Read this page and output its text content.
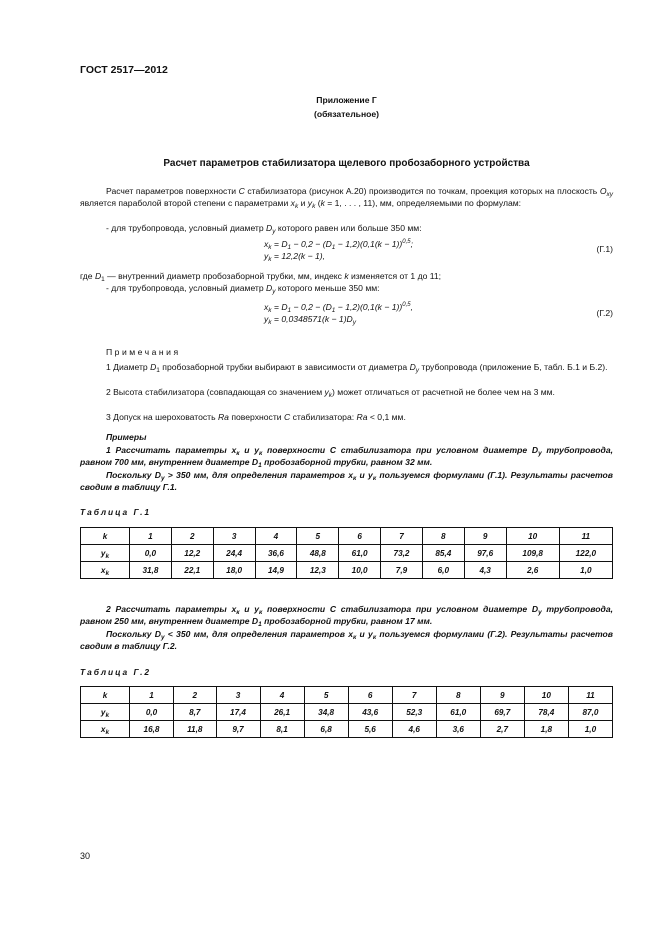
ГОСТ 2517—2012
Приложение Г
(обязательное)
Расчет параметров стабилизатора щелевого пробозаборного устройства
Расчет параметров поверхности C стабилизатора (рисунок А.20) производится по точкам, проекция которых на плоскость $O_{xy}$ является параболой второй степени с параметрами $x_k$ и $y_k$ (k = 1, . . . , 11), мм, определяемыми по формулам:
- для трубопровода, условный диаметр $D_y$ которого равен или больше 350 мм:
$x_k = D_1 - 0,2 - (D_1 - 1,2)(0,1(k - 1))^{0,5}$;
$y_k = 12,2(k - 1)$,
(Г.1)
где $D_1$ — внутренний диаметр пробозаборной трубки, мм, индекс k изменяется от 1 до 11;
- для трубопровода, условный диаметр $D_y$ которого меньше 350 мм:
$x_k = D_1 - 0,2 - (D_1 - 1,2)(0,1(k - 1))^{0,5}$,
$y_k = 0,0348571(k - 1)D_y$
(Г.2)
Примечания
1 Диаметр $D_1$ пробозаборной трубки выбирают в зависимости от диаметра $D_y$ трубопровода (приложение Б, табл. Б.1 и Б.2).
2 Высота стабилизатора (совпадающая со значением $y_k$) может отличаться от расчетной не более чем на 3 мм.
3 Допуск на шероховатость Ra поверхности C стабилизатора: Ra < 0,1 мм.
Примеры
1 Рассчитать параметры $x_к$ и $y_к$ поверхности C стабилизатора при условном диаметре $D_y$ трубопровода, равном 700 мм, внутреннем диаметре $D_1$ пробозаборной трубки, равном 32 мм.
Поскольку $D_y > 350$ мм, для определения параметров $x_к$ и $y_к$ пользуемся формулами (Г.1). Результаты расчетов сводим в таблицу Г.1.
Таблица Г.1
k	1	2	3	4	5	6	7	8	9	10	11
$y_k$	0,0	12,2	24,4	36,6	48,8	61,0	73,2	85,4	97,6	109,8	122,0
$x_k$	31,8	22,1	18,0	14,9	12,3	10,0	7,9	6,0	4,3	2,6	1,0
2 Рассчитать параметры $x_к$ и $y_к$ поверхности C стабилизатора при условном диаметре $D_y$ трубопровода, равном 250 мм, внутреннем диаметре $D_1$ пробозаборной трубки, равном 17 мм.
Поскольку $D_y < 350$ мм, для определения параметров $x_к$ и $y_к$ пользуемся формулами (Г.2). Результаты расчетов сводим в таблицу Г.2.
Таблица Г.2
k	1	2	3	4	5	6	7	8	9	10	11
$y_k$	0,0	8,7	17,4	26,1	34,8	43,6	52,3	61,0	69,7	78,4	87,0
$x_k$	16,8	11,8	9,7	8,1	6,8	5,6	4,6	3,6	2,7	1,8	1,0
30
